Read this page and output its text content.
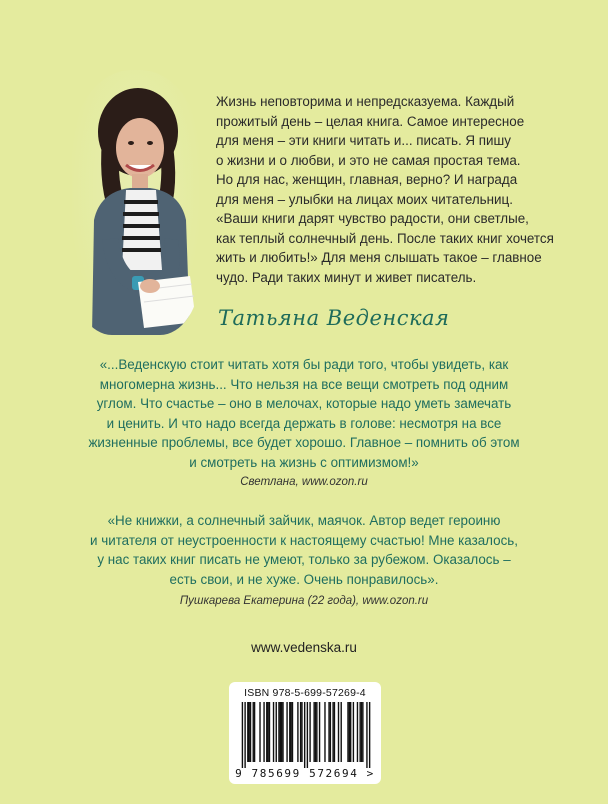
Жизнь неповторима и непредсказуема. Каждый

прожитый день – целая книга. Самое интересное

для меня – эти книги читать и... писать. Я пишу

о жизни и о любви, и это не самая простая тема.

Но для нас, женщин, главная, верно? И награда

для меня – улыбки на лицах моих читательниц.

«Ваши книги дарят чувство радости, они светлые,

как теплый солнечный день. После таких книг хочется

жить и любить!» Для меня слышать такое – главное

чудо. Ради таких минут и живет писатель.

Татьяна Веденская

«...Веденскую стоит читать хотя бы ради того, чтобы увидеть, как

многомерна жизнь... Что нельзя на все вещи смотреть под одним

углом. Что счастье – оно в мелочах, которые надо уметь замечать

и ценить. И что надо всегда держать в голове: несмотря на все

жизненные проблемы, все будет хорошо. Главное – помнить об этом

и смотреть на жизнь с оптимизмом!»

Светлана, www.ozon.ru

«Не книжки, а солнечный зайчик, маячок. Автор ведет героиню

и читателя от неустроенности к настоящему счастью! Мне казалось,

у нас таких книг писать не умеют, только за рубежом. Оказалось –

есть свои, и не хуже. Очень понравилось».

Пушкарева Екатерина (22 года), www.ozon.ru
www.vedenska.ru
ISBN 978-5-699-57269-4
9 785699 572694 >
